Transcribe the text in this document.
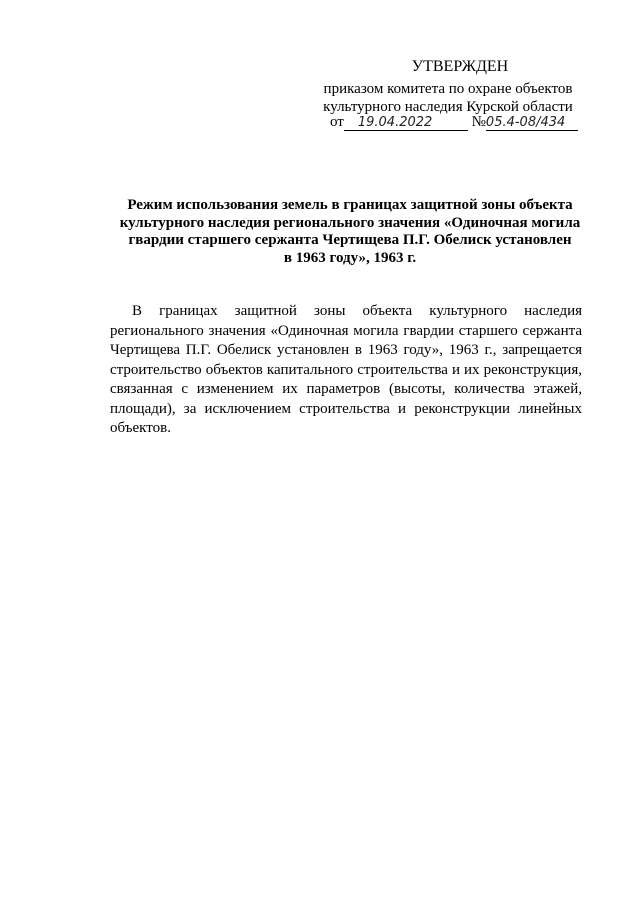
УТВЕРЖДЕН
приказом комитета по охране объектов
культурного наследия Курской области
от 19.04.2022	№05.4-08/434
Режим использования земель в границах защитной зоны объекта
культурного наследия регионального значения «Одиночная могила
гвардии старшего сержанта Чертищева П.Г. Обелиск установлен
в 1963 году», 1963 г.
В границах защитной зоны объекта культурного наследия
регионального значения «Одиночная могила гвардии старшего сержанта
Чертищева П.Г. Обелиск установлен в 1963 году», 1963 г., запрещается
строительство объектов капитального строительства и их реконструкция,
связанная с изменением их параметров (высоты, количества этажей,
площади), за исключением строительства и реконструкции линейных
объектов.
